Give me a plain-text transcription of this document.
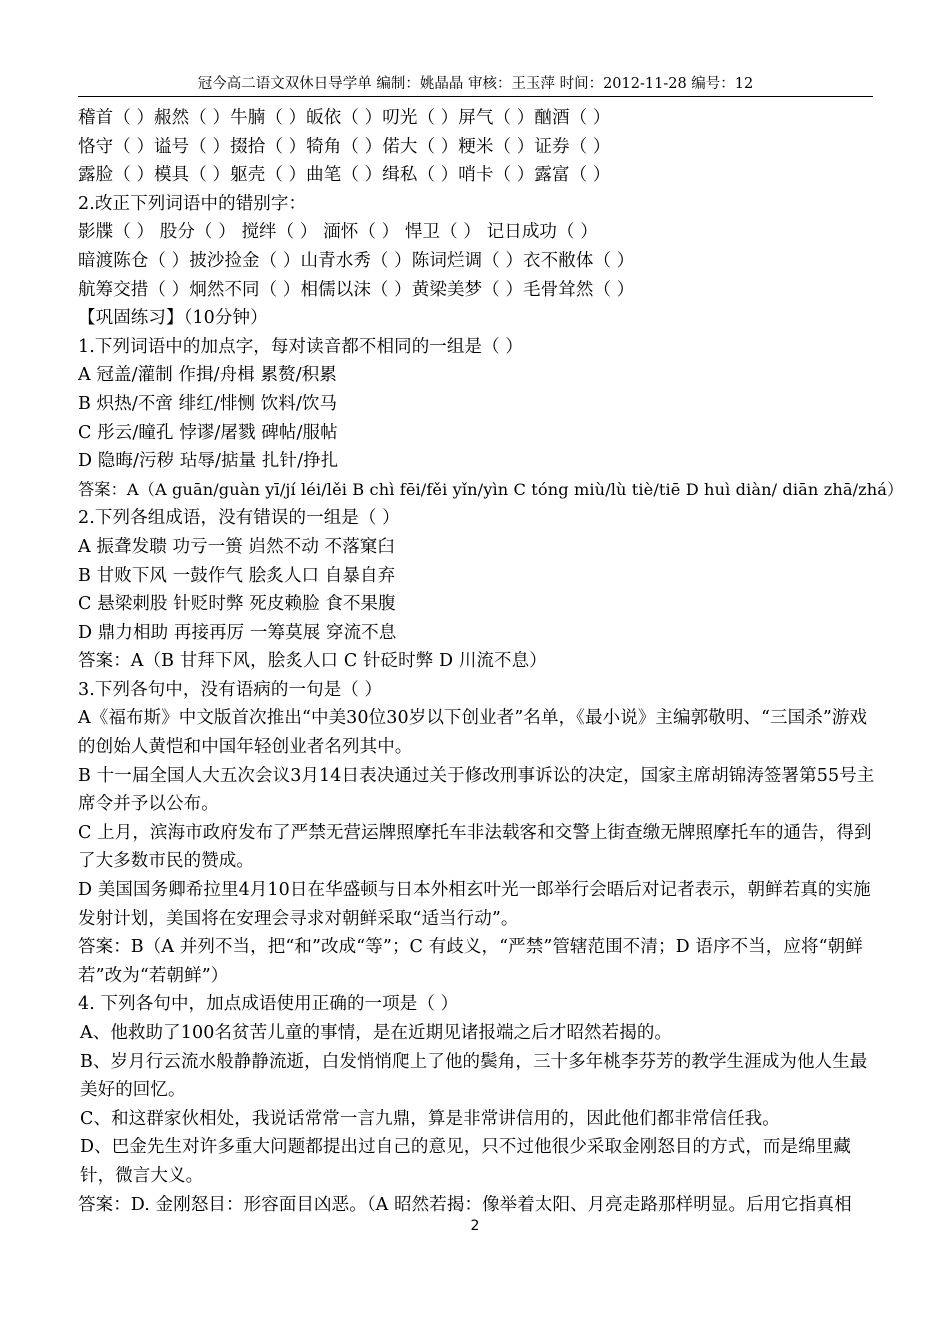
冠今高二语文双休日导学单 编制：姚晶晶 审核：王玉萍 时间：2012-11-28 编号：12
稽首（ ）赧然（ ）牛腩（ ）皈依（ ）叨光（ ）屏气（ ）酗酒（ ）
恪守（ ）谥号（ ）掇拾（ ）犄角（ ）偌大（ ）粳米（ ）证券（ ）
露脸（ ）模具（ ）躯壳（ ）曲笔（ ）缉私（ ）哨卡（ ）露富（ ）
2.改正下列词语中的错别字：
影牒（ ） 股分（ ） 搅绊（ ） 湎怀（ ） 悍卫（ ） 记日成功（ ）
暗渡陈仓（ ）披沙捡金（ ）山青水秀（ ）陈词烂调（ ）衣不敝体（ ）
航筹交措（ ）炯然不同（ ）相儒以沫（ ）黄梁美梦（ ）毛骨耸然（ ）
【巩固练习】（10分钟）
1.下列词语中的加点字，每对读音都不相同的一组是（ ）
A 冠盖/灌制 作揖/舟楫 累赘/积累
B 炽热/不啻 绯红/悱恻 饮料/饮马
C 彤云/瞳孔 悖谬/屠戮 碑帖/服帖
D 隐晦/污秽 玷辱/掂量 扎针/挣扎
答案：A（A guān/guàn yī/jí léi/lěi B chì fēi/fěi yǐn/yìn C tóng miù/lù tiè/tiē D huì diàn/ diān zhā/zhá）
2.下列各组成语，没有错误的一组是（ ）
A 振聋发聩 功亏一篑 岿然不动 不落窠臼
B 甘败下风 一鼓作气 脍炙人口 自暴自弃
C 悬梁刺股 针贬时弊 死皮赖脸 食不果腹
D 鼎力相助 再接再厉 一筹莫展 穿流不息
答案：A（B 甘拜下风，脍炙人口 C 针砭时弊 D 川流不息）
3.下列各句中，没有语病的一句是（ ）
A《福布斯》中文版首次推出“中美30位30岁以下创业者”名单，《最小说》主编郭敬明、“三国杀”游戏的创始人黄恺和中国年轻创业者名列其中。
B 十一届全国人大五次会议3月14日表决通过关于修改刑事诉讼的决定，国家主席胡锦涛签署第55号主席令并予以公布。
C 上月，滨海市政府发布了严禁无营运牌照摩托车非法载客和交警上街查缴无牌照摩托车的通告，得到了大多数市民的赞成。
D 美国国务卿希拉里4月10日在华盛顿与日本外相玄叶光一郎举行会晤后对记者表示，朝鲜若真的实施发射计划，美国将在安理会寻求对朝鲜采取“适当行动”。
答案：B（A 并列不当，把“和”改成“等”；C 有歧义，“严禁”管辖范围不清；D 语序不当，应将“朝鲜若”改为“若朝鲜”）
4. 下列各句中，加点成语使用正确的一项是（ ）
A、他救助了100名贫苦儿童的事情，是在近期见诸报端之后才昭然若揭的。
B、岁月行云流水般静静流逝，白发悄悄爬上了他的鬓角，三十多年桃李芬芳的教学生涯成为他人生最美好的回忆。
C、和这群家伙相处，我说话常常一言九鼎，算是非常讲信用的，因此他们都非常信任我。
D、巴金先生对许多重大问题都提出过自己的意见，只不过他很少采取金刚怒目的方式，而是绵里藏针，微言大义。
答案：D. 金刚怒目：形容面目凶恶。（A 昭然若揭：像举着太阳、月亮走路那样明显。后用它指真相
2
